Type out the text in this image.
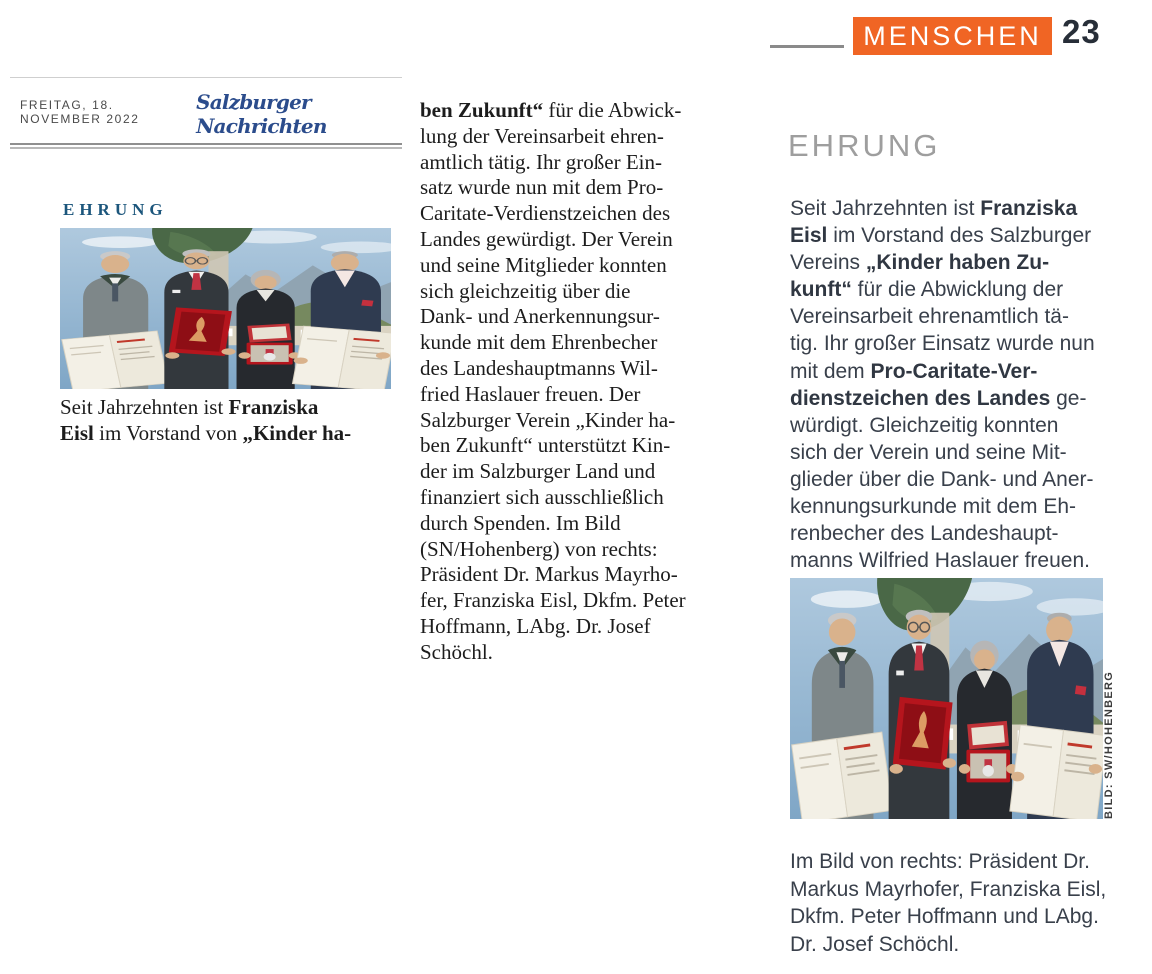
MENSCHEN 23
FREITAG, 18. NOVEMBER 2022
Salzburger Nachrichten
EHRUNG
Seit Jahrzehnten ist Franziska
Eisl im Vorstand von „Kinder ha-
ben Zukunft“ für die Abwick-
lung der Vereinsarbeit ehren-
amtlich tätig. Ihr großer Ein-
satz wurde nun mit dem Pro-
Caritate-Verdienstzeichen des
Landes gewürdigt. Der Verein
und seine Mitglieder konnten
sich gleichzeitig über die
Dank- und Anerkennungsur-
kunde mit dem Ehrenbecher
des Landeshauptmanns Wil-
fried Haslauer freuen. Der
Salzburger Verein „Kinder ha-
ben Zukunft“ unterstützt Kin-
der im Salzburger Land und
finanziert sich ausschließlich
durch Spenden. Im Bild
(SN/Hohenberg) von rechts:
Präsident Dr. Markus Mayrho-
fer, Franziska Eisl, Dkfm. Peter
Hoffmann, LAbg. Dr. Josef
Schöchl.
EHRUNG
Seit Jahrzehnten ist Franziska
Eisl im Vorstand des Salzburger
Vereins „Kinder haben Zu-
kunft“ für die Abwicklung der
Vereinsarbeit ehrenamtlich tä-
tig. Ihr großer Einsatz wurde nun
mit dem Pro-Caritate-Ver-
dienstzeichen des Landes ge-
würdigt. Gleichzeitig konnten
sich der Verein und seine Mit-
glieder über die Dank- und Aner-
kennungsurkunde mit dem Eh-
renbecher des Landeshaupt-
manns Wilfried Haslauer freuen.
BILD: SW/HOHENBERG
Im Bild von rechts: Präsident Dr.
Markus Mayrhofer, Franziska Eisl,
Dkfm. Peter Hoffmann und LAbg.
Dr. Josef Schöchl.
